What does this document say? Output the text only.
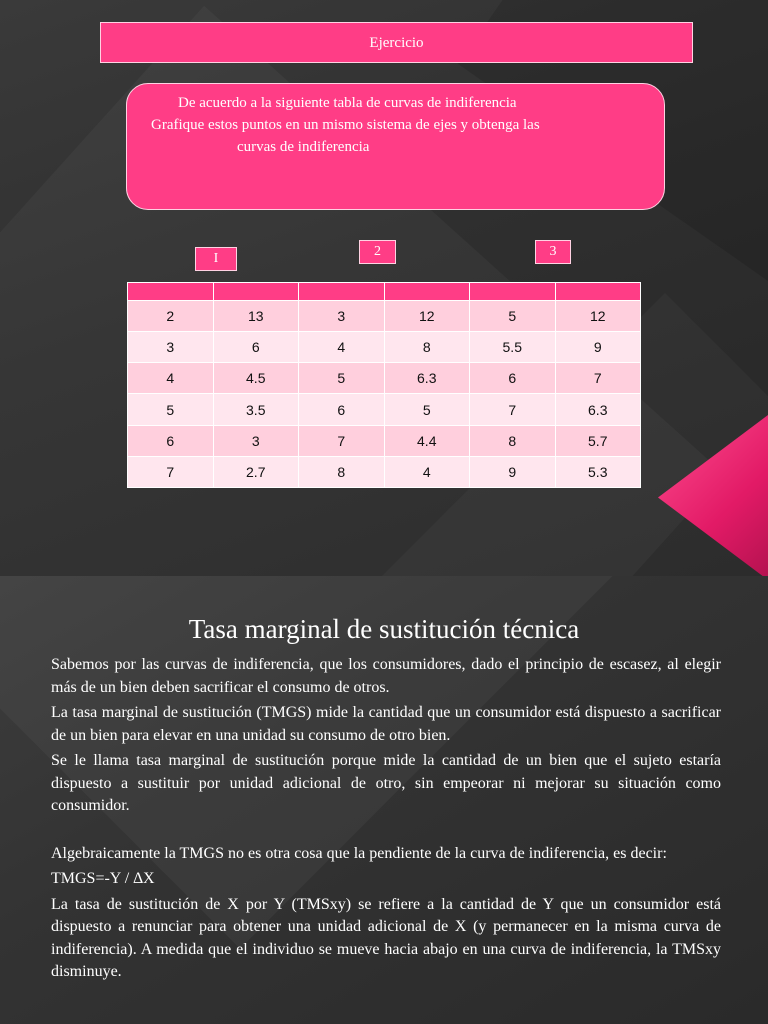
Ejercicio
De acuerdo a la siguiente tabla de curvas de indiferencia
Grafique estos puntos en un mismo sistema de ejes y obtenga las
curvas de indiferencia
I	2	3

2	13	3	12	5	12
3	6	4	8	5.5	9
4	4.5	5	6.3	6	7
5	3.5	6	5	7	6.3
6	3	7	4.4	8	5.7
7	2.7	8	4	9	5.3
Tasa marginal de sustitución técnica

Sabemos por las curvas de indiferencia, que los consumidores, dado el principio de escasez, al elegir más de un bien deben sacrificar el consumo de otros.

La tasa marginal de sustitución (TMGS) mide la cantidad que un consumidor está dispuesto a sacrificar de un bien para elevar en una unidad su consumo de otro bien.

Se le llama tasa marginal de sustitución porque mide la cantidad de un bien que el sujeto estaría dispuesto a sustituir por unidad adicional de otro, sin empeorar ni mejorar su situación como consumidor.

Algebraicamente la TMGS no es otra cosa que la pendiente de la curva de indiferencia, es decir:

TMGS=-Y / ∆X

La tasa de sustitución de X por Y (TMSxy) se refiere a la cantidad de Y que un consumidor está dispuesto a renunciar para obtener una unidad adicional de X (y permanecer en la misma curva de indiferencia). A medida que el individuo se mueve hacia abajo en una curva de indiferencia, la TMSxy disminuye.
